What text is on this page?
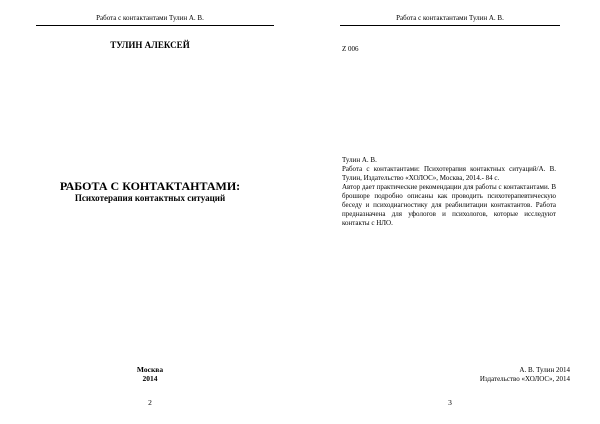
Работа с контактантами Тулин А. В.
ТУЛИН АЛЕКСЕЙ
РАБОТА С КОНТАКТАНТАМИ:
Психотерапия контактных ситуаций
Москва
2014
2
Работа с контактантами Тулин А. В.
Z 006
Тулин А. В.
Работа с контактантами: Психотерапия контактных ситуаций/А. В. Тулин, Издательство «ХОЛОС», Москва, 2014.- 84 с.
Автор дает практические рекомендации для работы с контактантами. В брошюре подробно описаны как проводить психотерапевтическую беседу и психодиагностику для реабилитации контактантов. Работа предназначена для уфологов и психологов, которые исследуют контакты с НЛО.
А. В. Тулин 2014
Издательство «ХОЛОС», 2014
3
